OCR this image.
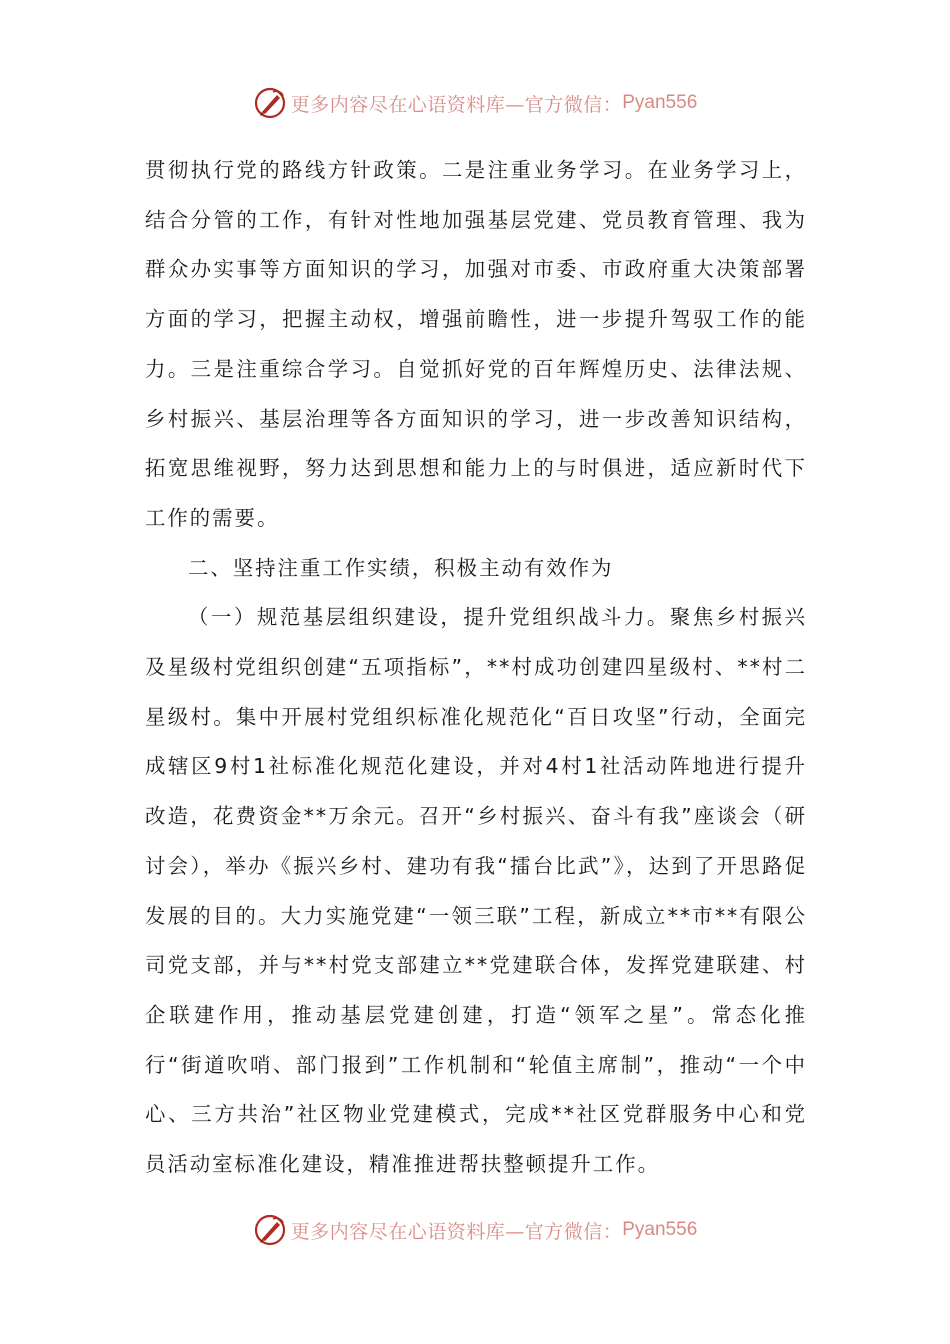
更多内容尽在心语资料库—官方微信： Pyan556

贯彻执行党的路线方针政策。二是注重业务学习。在业务学习上，结合分管的工作，有针对性地加强基层党建、党员教育管理、我为群众办实事等方面知识的学习，加强对市委、市政府重大决策部署方面的学习，把握主动权，增强前瞻性，进一步提升驾驭工作的能力。三是注重综合学习。自觉抓好党的百年辉煌历史、法律法规、乡村振兴、基层治理等各方面知识的学习，进一步改善知识结构，拓宽思维视野，努力达到思想和能力上的与时俱进，适应新时代下工作的需要。

二、坚持注重工作实绩，积极主动有效作为

（一）规范基层组织建设，提升党组织战斗力。聚焦乡村振兴及星级村党组织创建“五项指标”，**村成功创建四星级村、**村二星级村。集中开展村党组织标准化规范化“百日攻坚”行动，全面完成辖区9村1社标准化规范化建设，并对4村1社活动阵地进行提升改造，花费资金**万余元。召开“乡村振兴、奋斗有我”座谈会（研讨会），举办《振兴乡村、建功有我“擂台比武”》，达到了开思路促发展的目的。大力实施党建“一领三联”工程，新成立**市**有限公司党支部，并与**村党支部建立**党建联合体，发挥党建联建、村企联建作用，推动基层党建创建，打造“领军之星”。常态化推行“街道吹哨、部门报到”工作机制和“轮值主席制”，推动“一个中心、三方共治”社区物业党建模式，完成**社区党群服务中心和党员活动室标准化建设，精准推进帮扶整顿提升工作。

更多内容尽在心语资料库—官方微信： Pyan556
